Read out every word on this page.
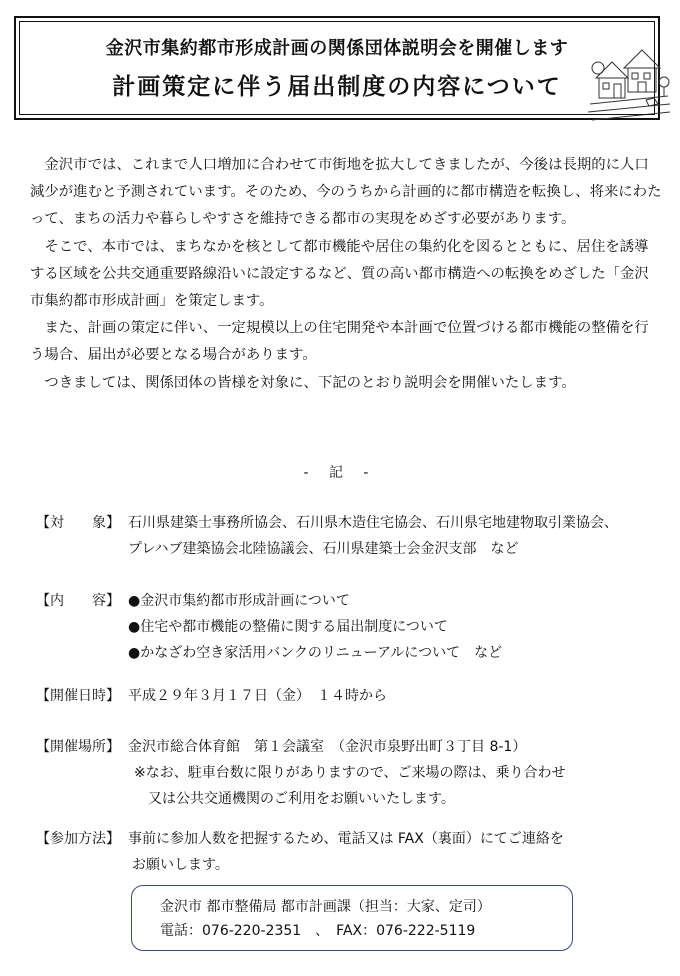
金沢市集約都市形成計画の関係団体説明会を開催します
計画策定に伴う届出制度の内容について

金沢市では、これまで人口増加に合わせて市街地を拡大してきましたが、今後は長期的に人口減少が進むと予測されています。そのため、今のうちから計画的に都市構造を転換し、将来にわたって、まちの活力や暮らしやすさを維持できる都市の実現をめざす必要があります。

そこで、本市では、まちなかを核として都市機能や居住の集約化を図るとともに、居住を誘導する区域を公共交通重要路線沿いに設定するなど、質の高い都市構造への転換をめざした「金沢市集約都市形成計画」を策定します。

また、計画の策定に伴い、一定規模以上の住宅開発や本計画で位置づける都市機能の整備を行う場合、届出が必要となる場合があります。

つきましては、関係団体の皆様を対象に、下記のとおり説明会を開催いたします。

- 記 -
【対　　象】 石川県建築士事務所協会、石川県木造住宅協会、石川県宅地建物取引業協会、
プレハブ建築協会北陸協議会、石川県建築士会金沢支部　など
【内　　容】 ●金沢市集約都市形成計画について
●住宅や都市機能の整備に関する届出制度について
●かなざわ空き家活用バンクのリニューアルについて　など
【開催日時】 平成２９年３月１７日（金）　１４時から
【開催場所】 金沢市総合体育館　第１会議室　（金沢市泉野出町３丁目 8-1）
※なお、駐車台数に限りがありますので、ご来場の際は、乗り合わせ
又は公共交通機関のご利用をお願いいたします。
【参加方法】 事前に参加人数を把握するため、電話又は FAX（裏面）にてご連絡を
お願いします。
金沢市 都市整備局 都市計画課（担当：大家、定司）
電話：076-220-2351　、　FAX：076-222-5119
